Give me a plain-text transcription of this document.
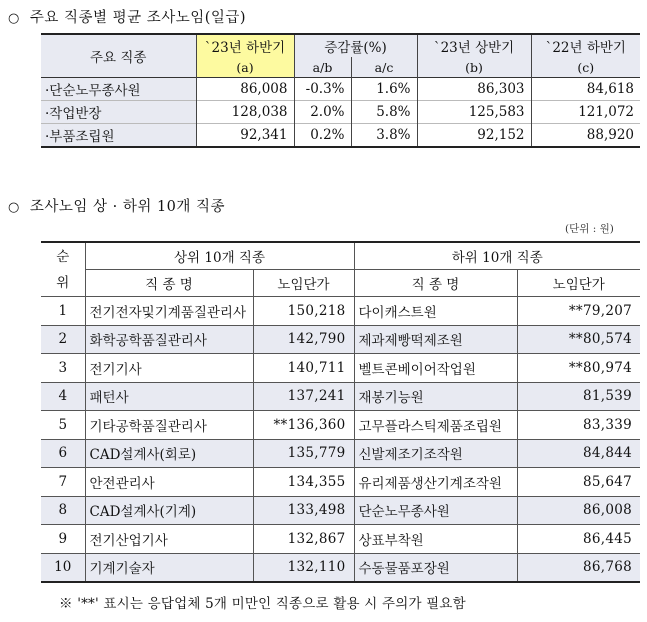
○ 주요 직종별 평균 조사노임(일급)
주요 직종	`23년 하반기	증감률(%)		`23년 상반기	`22년 하반기
	(a)	a/b	a/c	(b)	(c)
·단순노무종사원	86,008	-0.3%	1.6%	86,303	84,618
·작업반장	128,038	2.0%	5.8%	125,583	121,072
·부품조립원	92,341	0.2%	3.8%	92,152	88,920
○ 조사노임 상 · 하위 10개 직종
(단위 : 원)
순
위	상위 10개 직종		하위 10개 직종	
	직 종 명	노임단가	직 종 명	노임단가
1	전기전자및기계품질관리사	150,218	다이캐스트원	**79,207
2	화학공학품질관리사	142,790	제과제빵떡제조원	**80,574
3	전기기사	140,711	벨트콘베이어작업원	**80,974
4	패턴사	137,241	재봉기능원	81,539
5	기타공학품질관리사	**136,360	고무플라스틱제품조립원	83,339
6	CAD설계사(회로)	135,779	신발제조기조작원	84,844
7	안전관리사	134,355	유리제품생산기계조작원	85,647
8	CAD설계사(기계)	133,498	단순노무종사원	86,008
9	전기산업기사	132,867	상표부착원	86,445
10	기계기술자	132,110	수동물품포장원	86,768
※ '**' 표시는 응답업체 5개 미만인 직종으로 활용 시 주의가 필요함
